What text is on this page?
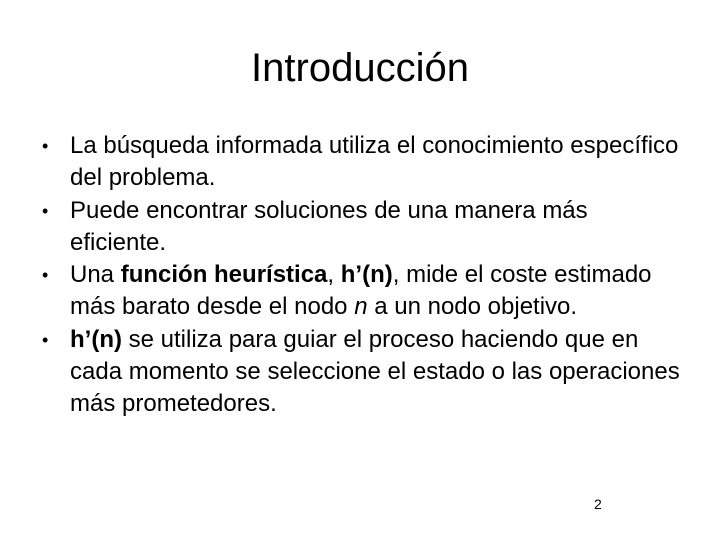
Introducción
• La búsqueda informada utiliza el conocimiento específico del problema.
• Puede encontrar soluciones de una manera más eficiente.
• Una función heurística, h’(n), mide el coste estimado más barato desde el nodo n a un nodo objetivo.
• h’(n) se utiliza para guiar el proceso haciendo que en cada momento se seleccione el estado o las operaciones más prometedores.
2
